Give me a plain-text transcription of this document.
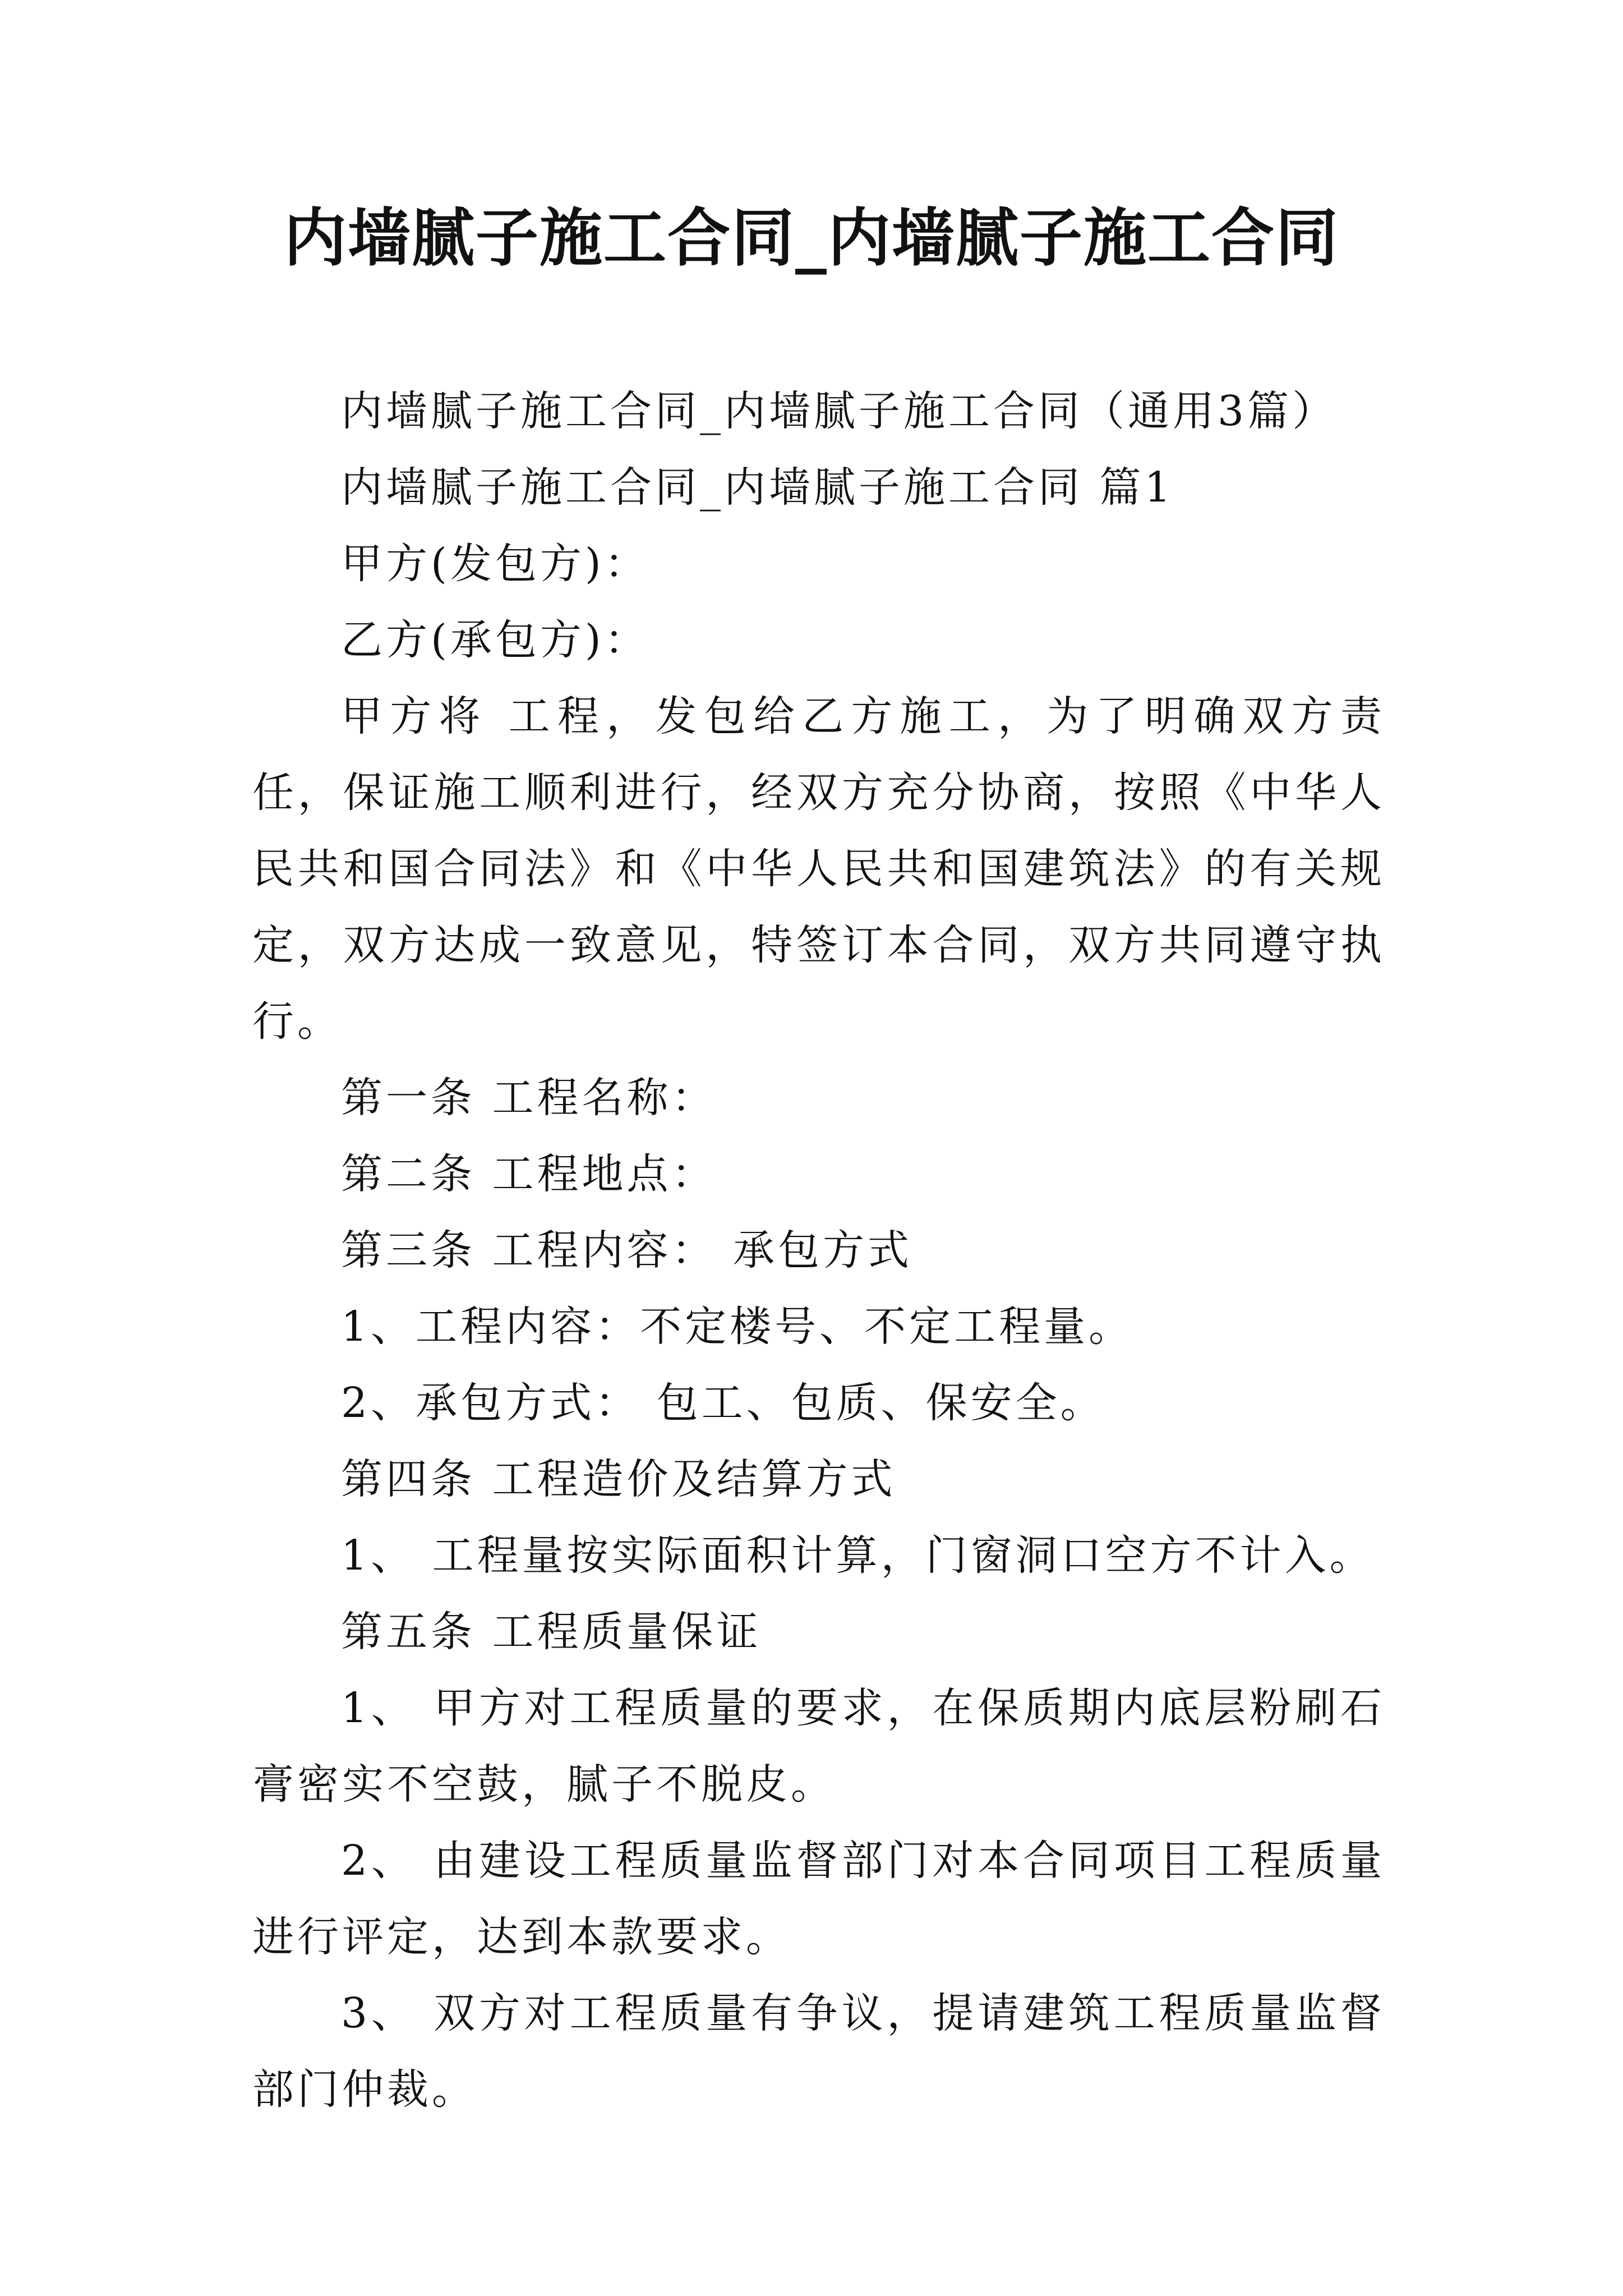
内墙腻子施工合同_内墙腻子施工合同

内墙腻子施工合同_内墙腻子施工合同（通用3篇）

内墙腻子施工合同_内墙腻子施工合同 篇1

甲方(发包方)：

乙方(承包方)：

甲方将 工程，发包给乙方施工，为了明确双方责任，保证施工顺利进行，经双方充分协商，按照《中华人民共和国合同法》和《中华人民共和国建筑法》的有关规定，双方达成一致意见，特签订本合同，双方共同遵守执行。

第一条 工程名称：

第二条 工程地点：

第三条 工程内容： 承包方式

1、工程内容：不定楼号、不定工程量。

2、承包方式： 包工、包质、保安全。

第四条 工程造价及结算方式

1、 工程量按实际面积计算，门窗洞口空方不计入。

第五条 工程质量保证

1、 甲方对工程质量的要求，在保质期内底层粉刷石膏密实不空鼓，腻子不脱皮。

2、 由建设工程质量监督部门对本合同项目工程质量进行评定，达到本款要求。

3、 双方对工程质量有争议，提请建筑工程质量监督部门仲裁。
